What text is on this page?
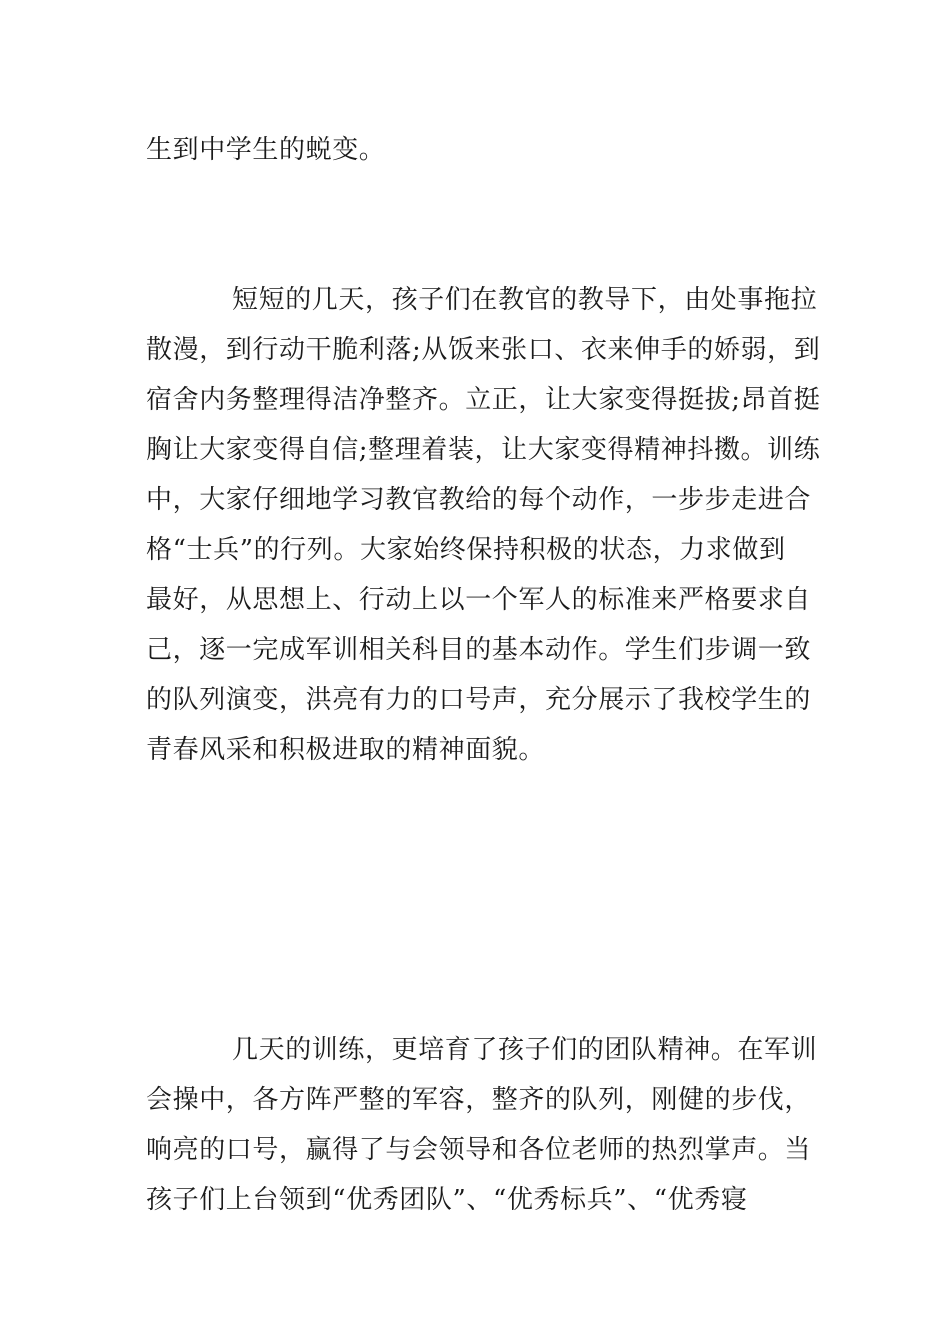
生到中学生的蜕变。
短短的几天，孩子们在教官的教导下，由处事拖拉
散漫，到行动干脆利落;从饭来张口、衣来伸手的娇弱，到
宿舍内务整理得洁净整齐。立正，让大家变得挺拔;昂首挺
胸让大家变得自信;整理着装，让大家变得精神抖擞。训练
中，大家仔细地学习教官教给的每个动作，一步步走进合
格“士兵”的行列。大家始终保持积极的状态，力求做到
最好，从思想上、行动上以一个军人的标准来严格要求自
己，逐一完成军训相关科目的基本动作。学生们步调一致
的队列演变，洪亮有力的口号声，充分展示了我校学生的
青春风采和积极进取的精神面貌。
几天的训练，更培育了孩子们的团队精神。在军训
会操中，各方阵严整的军容，整齐的队列，刚健的步伐，
响亮的口号，赢得了与会领导和各位老师的热烈掌声。当
孩子们上台领到“优秀团队”、“优秀标兵”、“优秀寝
